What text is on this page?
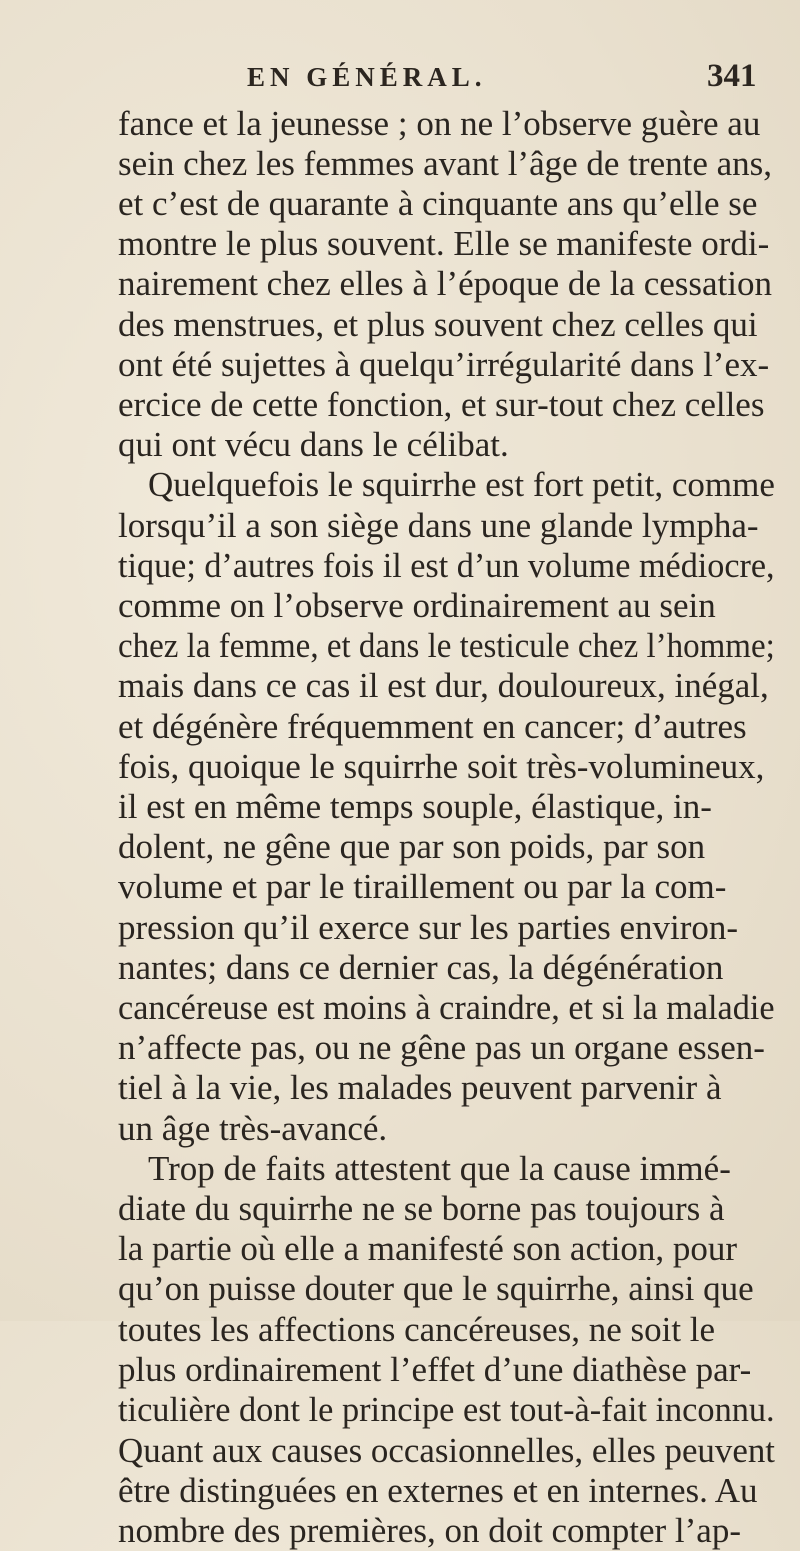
EN GÉNÉRAL.	341
fance et la jeunesse ; on ne l’observe guère au
sein chez les femmes avant l’âge de trente ans,
et c’est de quarante à cinquante ans qu’elle se
montre le plus souvent. Elle se manifeste ordi-
nairement chez elles à l’époque de la cessation
des menstrues, et plus souvent chez celles qui
ont été sujettes à quelqu’irrégularité dans l’ex-
ercice de cette fonction, et sur-tout chez celles
qui ont vécu dans le célibat.
Quelquefois le squirrhe est fort petit, comme
lorsqu’il a son siège dans une glande lympha-
tique; d’autres fois il est d’un volume médiocre,
comme on l’observe ordinairement au sein
chez la femme, et dans le testicule chez l’homme;
mais dans ce cas il est dur, douloureux, inégal,
et dégénère fréquemment en cancer; d’autres
fois, quoique le squirrhe soit très-volumineux,
il est en même temps souple, élastique, in-
dolent, ne gêne que par son poids, par son
volume et par le tiraillement ou par la com-
pression qu’il exerce sur les parties environ-
nantes; dans ce dernier cas, la dégénération
cancéreuse est moins à craindre, et si la maladie
n’affecte pas, ou ne gêne pas un organe essen-
tiel à la vie, les malades peuvent parvenir à
un âge très-avancé.
Trop de faits attestent que la cause immé-
diate du squirrhe ne se borne pas toujours à
la partie où elle a manifesté son action, pour
qu’on puisse douter que le squirrhe, ainsi que
toutes les affections cancéreuses, ne soit le
plus ordinairement l’effet d’une diathèse par-
ticulière dont le principe est tout-à-fait inconnu.
Quant aux causes occasionnelles, elles peuvent
être distinguées en externes et en internes. Au
nombre des premières, on doit compter l’ap-
